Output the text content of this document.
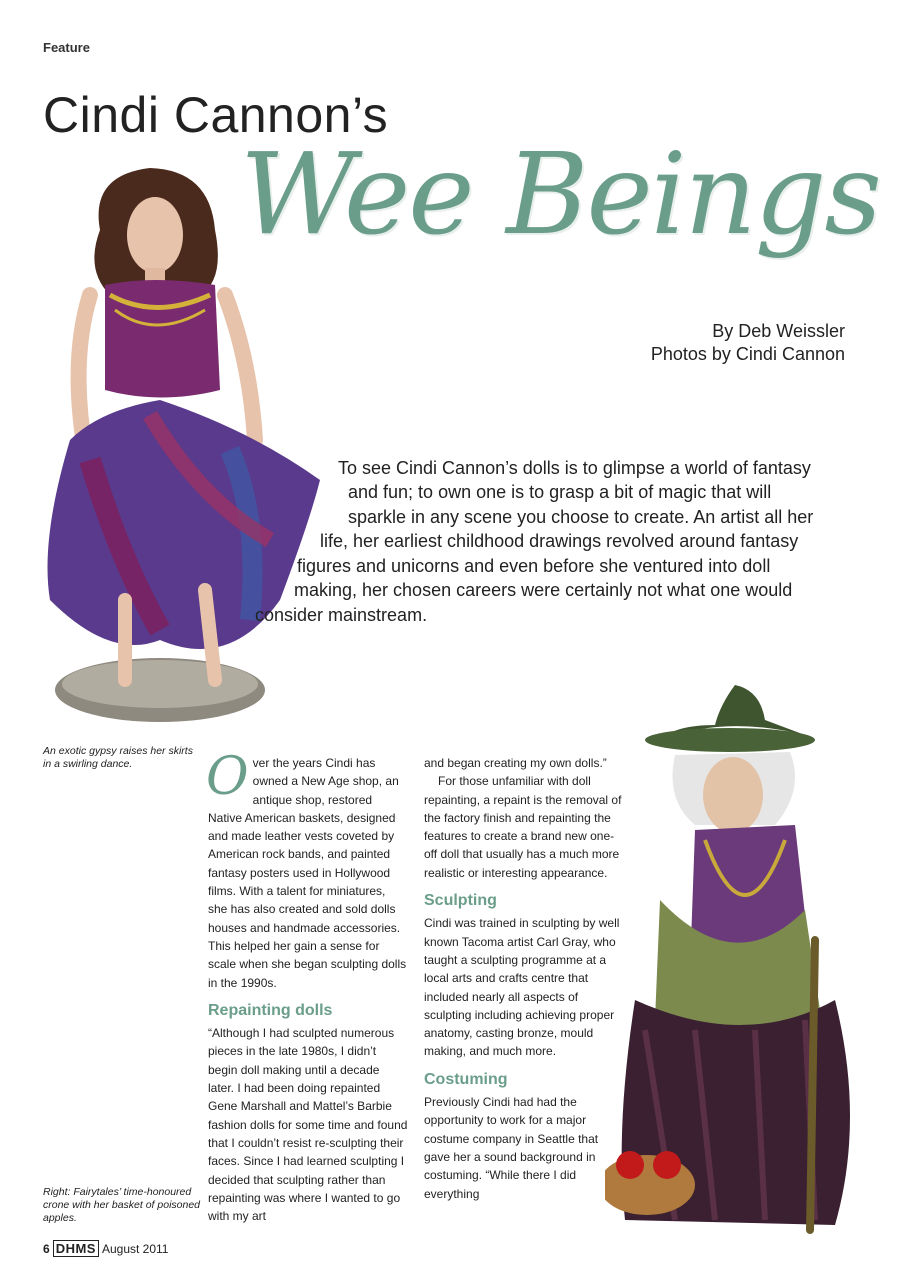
Feature
Cindi Cannon’s
Wee Beings
By Deb Weissler
Photos by Cindi Cannon
To see Cindi Cannon’s dolls is to glimpse a world of fantasy
and fun; to own one is to grasp a bit of magic that will
sparkle in any scene you choose to create. An artist all her
life, her earliest childhood drawings revolved around fantasy
figures and unicorns and even before she ventured into doll
making, her chosen careers were certainly not what one would
consider mainstream.
An exotic gypsy raises her skirts in a swirling dance.
Right: Fairytales’ time-honoured crone with her basket of poisoned apples.

Over the years Cindi has owned a New Age shop, an antique shop, restored Native American baskets, designed and made leather vests coveted by American rock bands, and painted fantasy posters used in Hollywood films. With a talent for miniatures, she has also created and sold dolls houses and handmade accessories. This helped her gain a sense for scale when she began sculpting dolls in the 1990s.

Repainting dolls

“Although I had sculpted numerous pieces in the late 1980s, I didn’t begin doll making until a decade later. I had been doing repainted Gene Marshall and Mattel’s Barbie fashion dolls for some time and found that I couldn’t resist re-sculpting their faces. Since I had learned sculpting I decided that sculpting rather than repainting was where I wanted to go with my art

and began creating my own dolls.”

For those unfamiliar with doll repainting, a repaint is the removal of the factory finish and repainting the features to create a brand new one-off doll that usually has a much more realistic or interesting appearance.

Sculpting

Cindi was trained in sculpting by well known Tacoma artist Carl Gray, who taught a sculpting programme at a local arts and crafts centre that included nearly all aspects of sculpting including achieving proper anatomy, casting bronze, mould making, and much more.

Costuming

Previously Cindi had had the opportunity to work for a major costume company in Seattle that gave her a sound background in costuming. “While there I did everything

6 DHMS August 2011
